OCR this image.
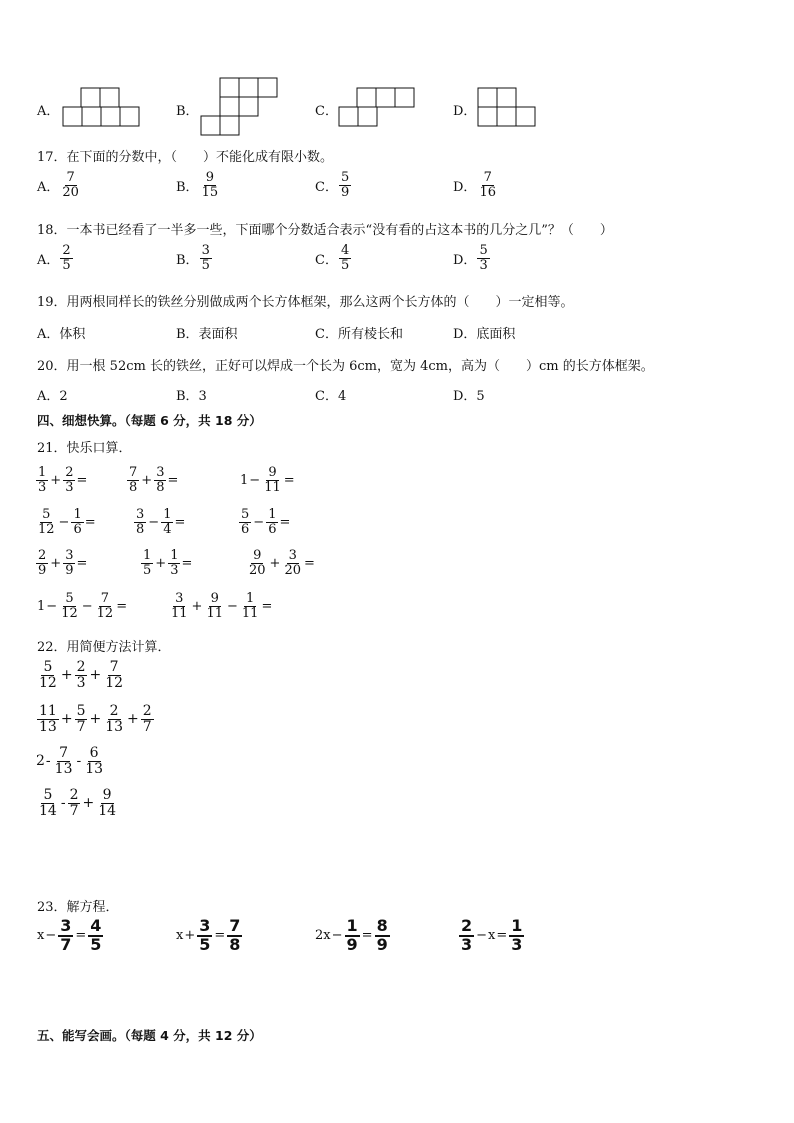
A．	B．	C．	D．
17．在下面的分数中，（　　）不能化成有限小数。
A． $\frac{7}{20}$	B． $\frac{9}{15}$	C． $\frac{5}{9}$	D． $\frac{7}{16}$
18．一本书已经看了一半多一些，下面哪个分数适合表示“没有看的占这本书的几分之几”？（　　）
A． $\frac{2}{5}$	B． $\frac{3}{5}$	C． $\frac{4}{5}$	D． $\frac{5}{3}$
19．用两根同样长的铁丝分别做成两个长方体框架，那么这两个长方体的（　　）一定相等。
A．体积	B．表面积	C．所有棱长和	D．底面积
20．用一根 52cm 长的铁丝，正好可以焊成一个长为 6cm，宽为 4cm，高为（　　）cm 的长方体框架。
A．2	B．3	C．4	D．5
四、细想快算。（每题 6 分，共 18 分）
21．快乐口算．
$\frac{1}{3} + \frac{2}{3}$ =	$\frac{7}{8} + \frac{3}{8}$ =	$1 - \frac{9}{11}$ =
$\frac{5}{12} - \frac{1}{6}$ =	$\frac{3}{8} - \frac{1}{4}$ =	$\frac{5}{6} - \frac{1}{6}$ =
$\frac{2}{9} + \frac{3}{9}$ =	$\frac{1}{5} + \frac{1}{3}$ =	$\frac{9}{20} + \frac{3}{20}$ =
$1 - \frac{5}{12} - \frac{7}{12}$ =	$\frac{3}{11} + \frac{9}{11} - \frac{1}{11}$ =
22．用简便方法计算．
$\frac{5}{12} + \frac{2}{3} + \frac{7}{12}$
$\frac{11}{13} + \frac{5}{7} + \frac{2}{13} + \frac{2}{7}$
$2 - \frac{7}{13} - \frac{6}{13}$
$\frac{5}{14} - \frac{2}{7} + \frac{9}{14}$
23．解方程．
$x - \frac{3}{7} = \frac{4}{5}$	$x + \frac{3}{5} = \frac{7}{8}$	$2x - \frac{1}{9} = \frac{8}{9}$	$\frac{2}{3} - x = \frac{1}{3}$
五、能写会画。（每题 4 分，共 12 分）
